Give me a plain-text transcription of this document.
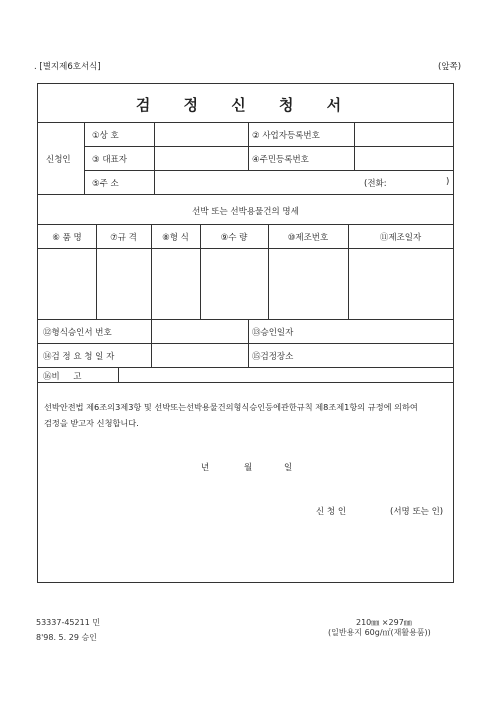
. [별지제6호서식]	(앞쪽)
검 정 신 청 서
신청인
①상 호	② 사업자등록번호
③ 대표자	④주민등록번호
⑤주 소	(전화:	)
선박 또는 선박용물건의 명세
⑥ 품 명	⑦규 격	⑧형 식	⑨수 량	⑩제조번호	⑪제조일자
⑫형식승인서 번호	⑬승인일자
⑭검 정 요 청 일 자	⑮검정장소
⑯비     고
선박안전법 제6조의3제3항 및 선박또는선박용물건의형식승인등에관한규칙 제8조제1항의 규정에 의하여 검정을 받고자 신청합니다.
년	월	일
신 청 인	(서명 또는 인)
53337-45211 민
8'98. 5. 29 승인
210㎜ ×297㎜
(일반용지 60g/㎡(재활용품))
